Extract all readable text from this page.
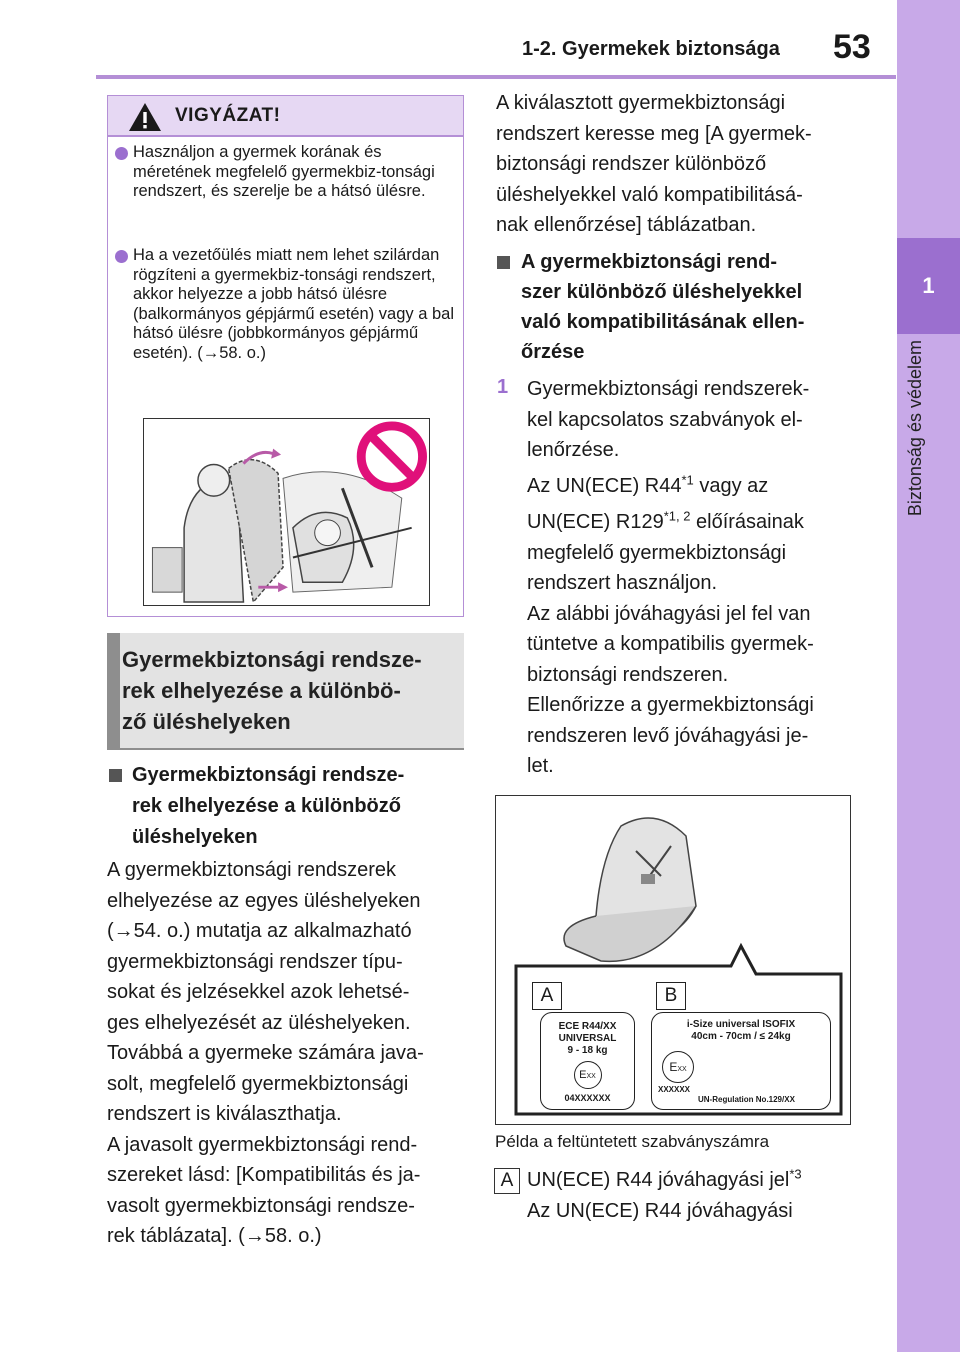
1-2. Gyermekek biztonsága 53
1
Biztonság és védelem
VIGYÁZAT!
Használjon a gyermek korának és méretének megfelelő gyermekbiz-tonsági rendszert, és szerelje be a hátsó ülésre.
Ha a vezetőülés miatt nem lehet szilárdan rögzíteni a gyermekbiz-tonsági rendszert, akkor helyezze a jobb hátsó ülésre (balkormányos gépjármű esetén) vagy a bal hátsó ülésre (jobbkormányos gépjármű esetén). (→58. o.)
Gyermekbiztonsági rendsze-
rek elhelyezése a különbö-
ző üléshelyeken
Gyermekbiztonsági rendsze-
rek elhelyezése a különböző
üléshelyeken
A gyermekbiztonsági rendszerek
elhelyezése az egyes üléshelyeken
(→54. o.) mutatja az alkalmazható
gyermekbiztonsági rendszer típu-
sokat és jelzésekkel azok lehetsé-
ges elhelyezését az üléshelyeken.
Továbbá a gyermeke számára java-
solt, megfelelő gyermekbiztonsági
rendszert is kiválaszthatja.
A javasolt gyermekbiztonsági rend-
szereket lásd: [Kompatibilitás és ja-
vasolt gyermekbiztonsági rendsze-
rek táblázata]. (→58. o.)
A kiválasztott gyermekbiztonsági
rendszert keresse meg [A gyermek-
biztonsági rendszer különböző
üléshelyekkel való kompatibilitásá-
nak ellenőrzése] táblázatban.
A gyermekbiztonsági rend-
szer különböző üléshelyekkel
való kompatibilitásának ellen-
őrzése
1 Gyermekbiztonsági rendszerek-
kel kapcsolatos szabványok el-
lenőrzése.
Az UN(ECE) R44$^{*1}$ vagy az
UN(ECE) R129$^{*1, 2}$ előírásainak
megfelelő gyermekbiztonsági
rendszert használjon.
Az alábbi jóváhagyási jel fel van
tüntetve a kompatibilis gyermek-
biztonsági rendszeren.
Ellenőrizze a gyermekbiztonsági
rendszeren levő jóváhagyási je-
let.
A	B
ECE R44/XX
UNIVERSAL
9 - 18 kg
EXX
04XXXXXX
i-Size universal ISOFIX
40cm - 70cm / ≤ 24kg
EXX
XXXXXX
UN-Regulation No.129/XX
Példa a feltüntetett szabványszámra
A UN(ECE) R44 jóváhagyási jel$^{*3}$
Az UN(ECE) R44 jóváhagyási
